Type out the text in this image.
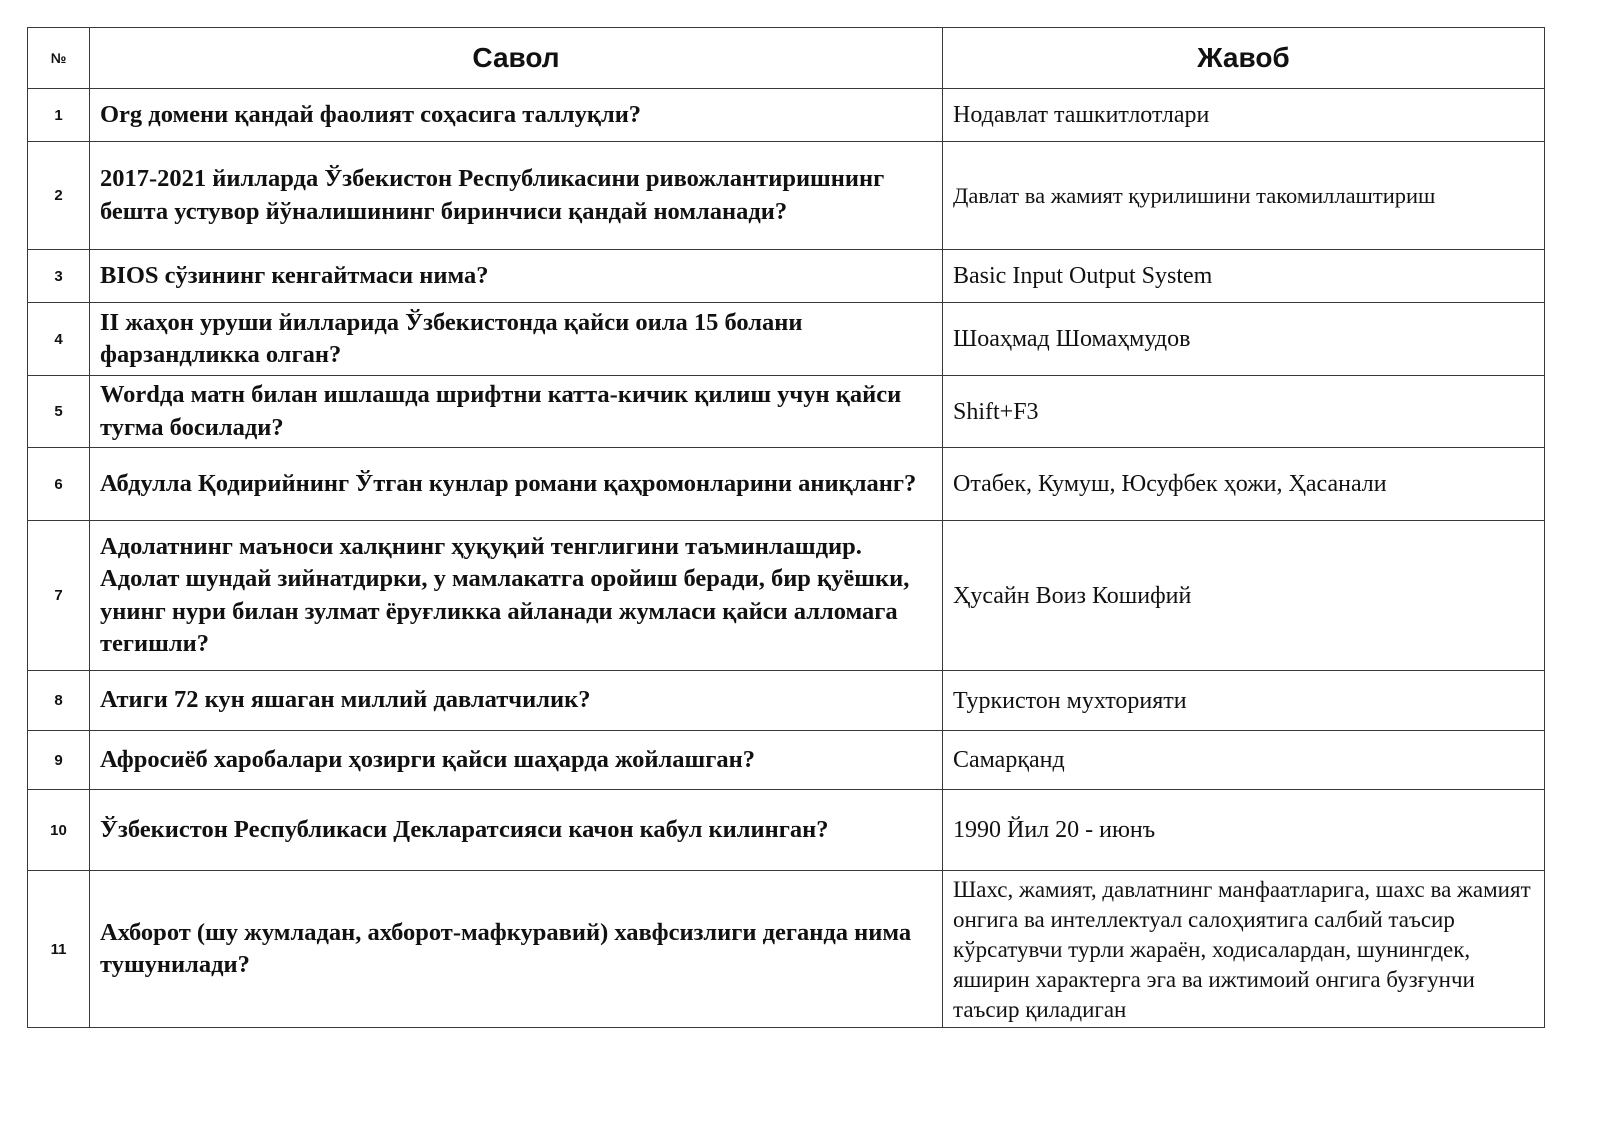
№	Савол	Жавоб
1	Org домени қандай фаолият соҳасига таллуқли?	Нодавлат ташкитлотлари
2	2017-2021 йилларда Ўзбекистон Республикасини ривожлантиришнинг бешта устувор йўналишининг биринчиси қандай номланади?	Давлат ва жамият қурилишини такомиллаштириш
3	BIOS сўзининг кенгайтмаси нима?	Basic Input Output System
4	II жаҳон уруши йилларида Ўзбекистонда қайси оила 15 болани фарзандликка олган?	Шоаҳмад Шомаҳмудов
5	Wordда матн билан ишлашда шрифтни катта-кичик қилиш учун қайси тугма босилади?	Shift+F3
6	Абдулла Қодирийнинг Ўтган кунлар романи қаҳромонларини аниқланг?	Отабек, Кумуш, Юсуфбек ҳожи, Ҳасанали
7	Адолатнинг маъноси халқнинг ҳуқуқий тенглигини таъминлашдир. Адолат шундай зийнатдирки, у мамлакатга оройиш беради, бир қуёшки, унинг нури билан зулмат ёруғликка айланади жумласи қайси алломага тегишли?	Ҳусайн Воиз Кошифий
8	Атиги 72 кун яшаган миллий давлатчилик?	Туркистон мухторияти
9	Афросиёб харобалари ҳозирги қайси шаҳарда жойлашган?	Самарқанд
10	Ўзбекистон Республикаси Декларатсияси качон кабул килинган?	1990 Йил 20 - июнъ
11	Ахборот (шу жумладан, ахборот-мафкуравий) хавфсизлиги деганда нима тушунилади?	Шахс, жамият, давлатнинг манфаатларига, шахс ва жамият онгига ва интеллектуал салоҳиятига салбий таъсир кўрсатувчи турли жараён, ходисалардан, шунингдек, яширин характерга эга ва ижтимоий онгига бузғунчи таъсир қиладиган
